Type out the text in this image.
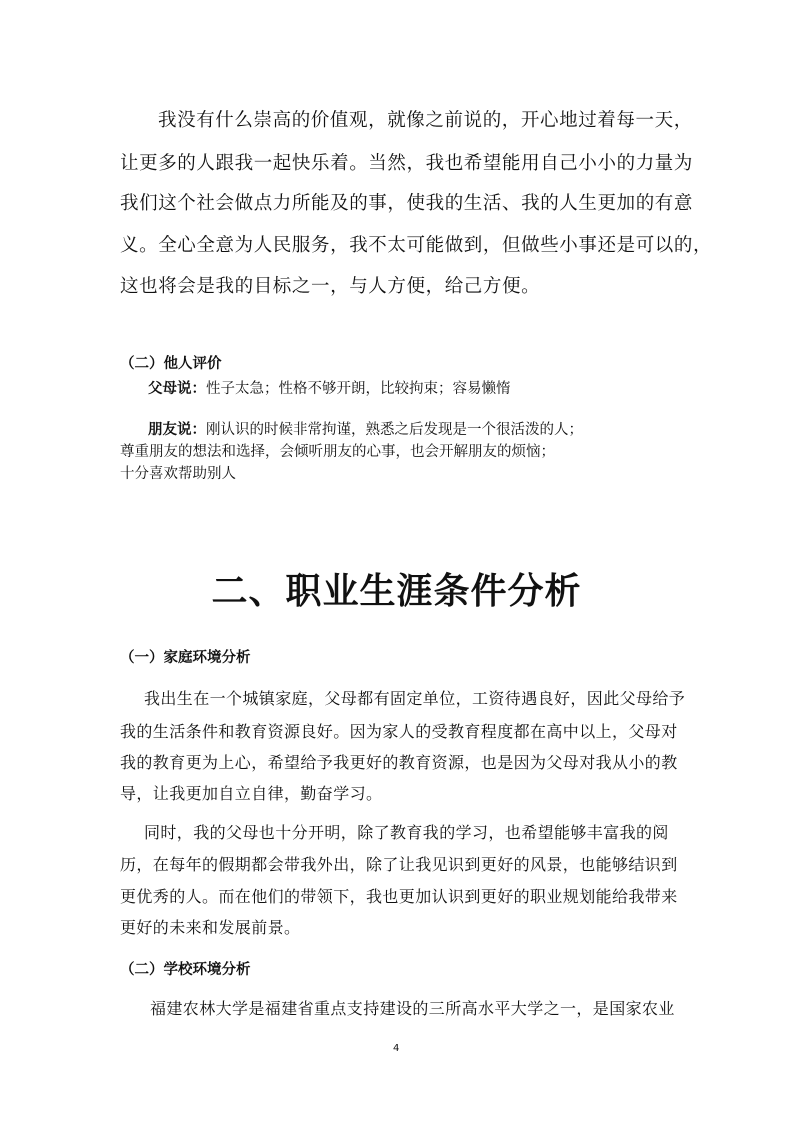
我没有什么崇高的价值观，就像之前说的，开心地过着每一天，
让更多的人跟我一起快乐着。当然，我也希望能用自己小小的力量为
我们这个社会做点力所能及的事，使我的生活、我的人生更加的有意
义。全心全意为人民服务，我不太可能做到，但做些小事还是可以的，
这也将会是我的目标之一，与人方便，给己方便。
（二）他人评价
父母说：性子太急；性格不够开朗，比较拘束；容易懒惰
朋友说：刚认识的时候非常拘谨，熟悉之后发现是一个很活泼的人；
尊重朋友的想法和选择，会倾听朋友的心事，也会开解朋友的烦恼；
十分喜欢帮助别人
二、职业生涯条件分析
（一）家庭环境分析
我出生在一个城镇家庭，父母都有固定单位，工资待遇良好，因此父母给予
我的生活条件和教育资源良好。因为家人的受教育程度都在高中以上，父母对
我的教育更为上心，希望给予我更好的教育资源，也是因为父母对我从小的教
导，让我更加自立自律，勤奋学习。
同时，我的父母也十分开明，除了教育我的学习，也希望能够丰富我的阅
历，在每年的假期都会带我外出，除了让我见识到更好的风景，也能够结识到
更优秀的人。而在他们的带领下，我也更加认识到更好的职业规划能给我带来
更好的未来和发展前景。
（二）学校环境分析
福建农林大学是福建省重点支持建设的三所高水平大学之一，是国家农业
4
